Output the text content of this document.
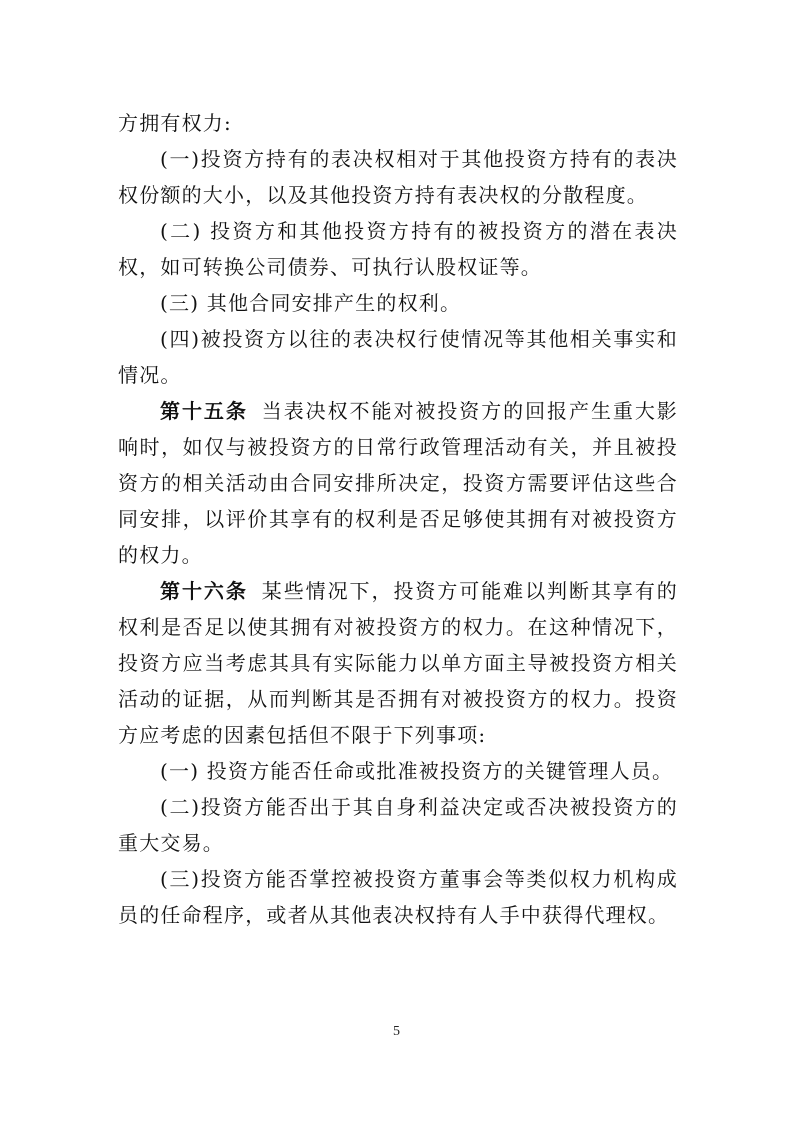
方拥有权力:

(一)投资方持有的表决权相对于其他投资方持有的表决权份额的大小，以及其他投资方持有表决权的分散程度。

(二) 投资方和其他投资方持有的被投资方的潜在表决权，如可转换公司债券、可执行认股权证等。

(三) 其他合同安排产生的权利。

(四)被投资方以往的表决权行使情况等其他相关事实和情况。

第十五条 当表决权不能对被投资方的回报产生重大影响时，如仅与被投资方的日常行政管理活动有关，并且被投资方的相关活动由合同安排所决定，投资方需要评估这些合同安排，以评价其享有的权利是否足够使其拥有对被投资方的权力。

第十六条 某些情况下，投资方可能难以判断其享有的权利是否足以使其拥有对被投资方的权力。在这种情况下，投资方应当考虑其具有实际能力以单方面主导被投资方相关活动的证据，从而判断其是否拥有对被投资方的权力。投资方应考虑的因素包括但不限于下列事项:

(一) 投资方能否任命或批准被投资方的关键管理人员。

(二)投资方能否出于其自身利益决定或否决被投资方的重大交易。

(三)投资方能否掌控被投资方董事会等类似权力机构成员的任命程序，或者从其他表决权持有人手中获得代理权。

5
